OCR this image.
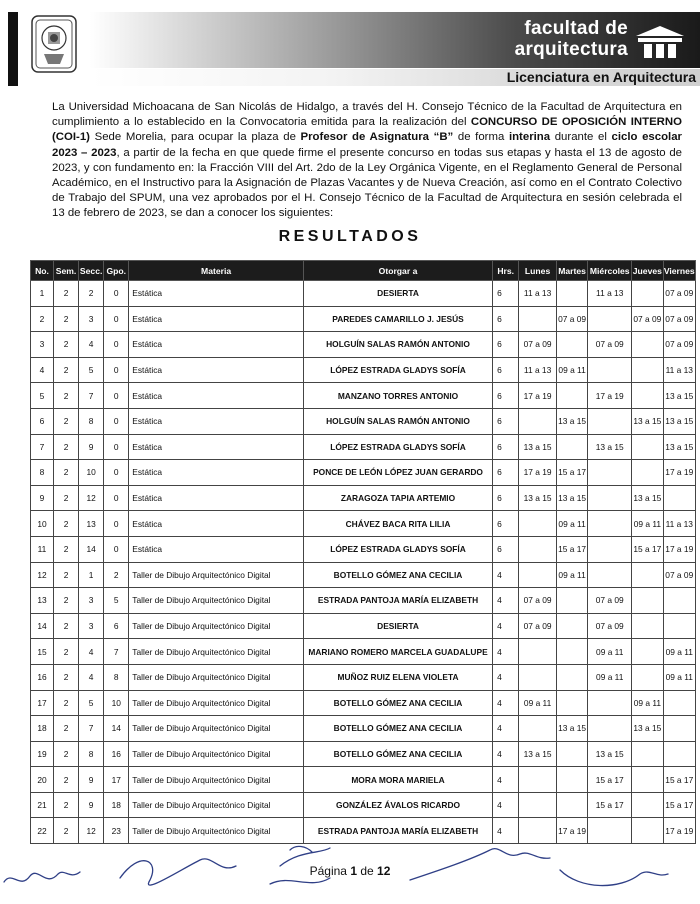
facultad de
arquitectura
Licenciatura en Arquitectura
La Universidad Michoacana de San Nicolás de Hidalgo, a través del H. Consejo Técnico de la Facultad de Arquitectura en cumplimiento a lo establecido en la Convocatoria emitida para la realización del CONCURSO DE OPOSICIÓN INTERNO (COI-1) Sede Morelia, para ocupar la plaza de Profesor de Asignatura “B” de forma interina durante el ciclo escolar 2023 – 2023, a partir de la fecha en que quede firme el presente concurso en todas sus etapas y hasta el 13 de agosto de 2023, y con fundamento en: la Fracción VIII del Art. 2do de la Ley Orgánica Vigente, en el Reglamento General de Personal Académico, en el Instructivo para la Asignación de Plazas Vacantes y de Nueva Creación, así como en el Contrato Colectivo de Trabajo del SPUM, una vez aprobados por el H. Consejo Técnico de la Facultad de Arquitectura en sesión celebrada el 13 de febrero de 2023, se dan a conocer los siguientes:
RESULTADOS
No.	Sem.	Secc.	Gpo.	Materia	Otorgar a	Hrs.	Lunes	Martes	Miércoles	Jueves	Viernes
1	2	2	0	Estática	DESIERTA	6	11 a 13		11 a 13		07 a 09
2	2	3	0	Estática	PAREDES CAMARILLO J. JESÚS	6		07 a 09		07 a 09	07 a 09
3	2	4	0	Estática	HOLGUÍN SALAS RAMÓN ANTONIO	6	07 a 09		07 a 09		07 a 09
4	2	5	0	Estática	LÓPEZ ESTRADA GLADYS SOFÍA	6	11 a 13	09 a 11			11 a 13
5	2	7	0	Estática	MANZANO TORRES ANTONIO	6	17 a 19		17 a 19		13 a 15
6	2	8	0	Estática	HOLGUÍN SALAS RAMÓN ANTONIO	6		13 a 15		13 a 15	13 a 15
7	2	9	0	Estática	LÓPEZ ESTRADA GLADYS SOFÍA	6	13 a 15		13 a 15		13 a 15
8	2	10	0	Estática	PONCE DE LEÓN LÓPEZ JUAN GERARDO	6	17 a 19	15 a 17			17 a 19
9	2	12	0	Estática	ZARAGOZA TAPIA ARTEMIO	6	13 a 15	13 a 15		13 a 15	
10	2	13	0	Estática	CHÁVEZ BACA RITA LILIA	6		09 a 11		09 a 11	11 a 13
11	2	14	0	Estática	LÓPEZ ESTRADA GLADYS SOFÍA	6		15 a 17		15 a 17	17 a 19
12	2	1	2	Taller de Dibujo Arquitectónico Digital	BOTELLO GÓMEZ ANA CECILIA	4		09 a 11			07 a 09
13	2	3	5	Taller de Dibujo Arquitectónico Digital	ESTRADA PANTOJA MARÍA ELIZABETH	4	07 a 09		07 a 09		
14	2	3	6	Taller de Dibujo Arquitectónico Digital	DESIERTA	4	07 a 09		07 a 09		
15	2	4	7	Taller de Dibujo Arquitectónico Digital	MARIANO ROMERO MARCELA GUADALUPE	4			09 a 11		09 a 11
16	2	4	8	Taller de Dibujo Arquitectónico Digital	MUÑOZ RUIZ ELENA VIOLETA	4			09 a 11		09 a 11
17	2	5	10	Taller de Dibujo Arquitectónico Digital	BOTELLO GÓMEZ ANA CECILIA	4	09 a 11			09 a 11	
18	2	7	14	Taller de Dibujo Arquitectónico Digital	BOTELLO GÓMEZ ANA CECILIA	4		13 a 15		13 a 15	
19	2	8	16	Taller de Dibujo Arquitectónico Digital	BOTELLO GÓMEZ ANA CECILIA	4	13 a 15		13 a 15		
20	2	9	17	Taller de Dibujo Arquitectónico Digital	MORA MORA MARIELA	4			15 a 17		15 a 17
21	2	9	18	Taller de Dibujo Arquitectónico Digital	GONZÁLEZ ÁVALOS RICARDO	4			15 a 17		15 a 17
22	2	12	23	Taller de Dibujo Arquitectónico Digital	ESTRADA PANTOJA MARÍA ELIZABETH	4		17 a 19			17 a 19
Página 1 de 12
